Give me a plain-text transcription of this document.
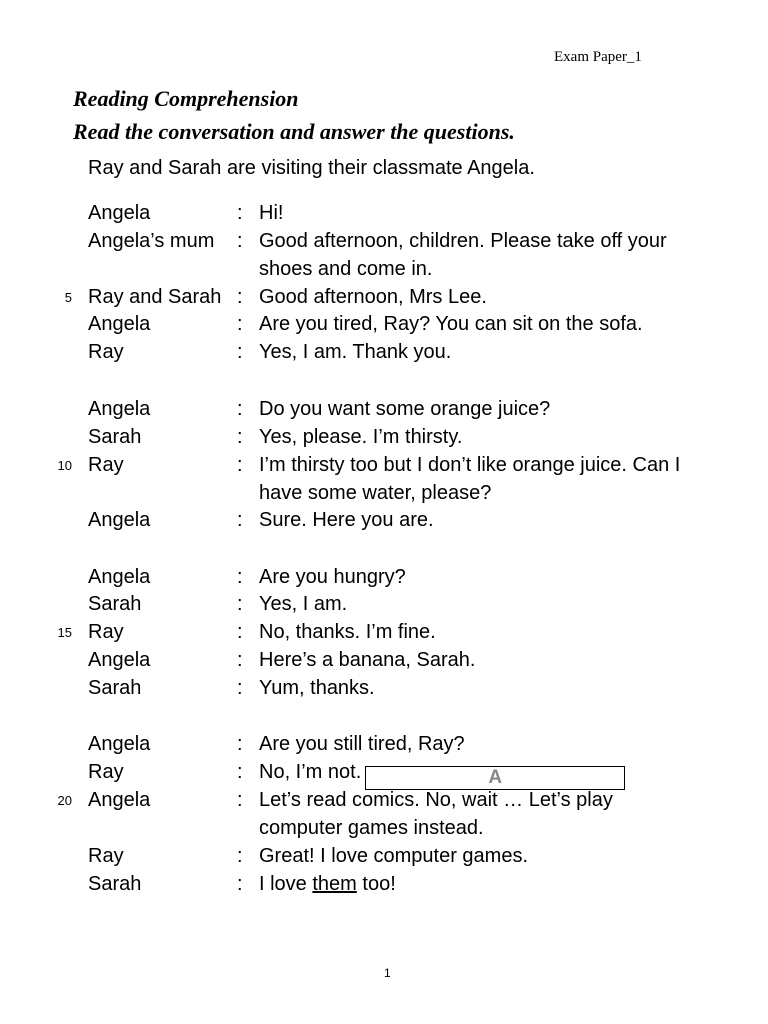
Exam Paper_1
Reading Comprehension
Read the conversation and answer the questions.
Ray and Sarah are visiting their classmate Angela.
Angela	: Hi!
Angela’s mum : Good afternoon, children. Please take off your
shoes and come in.
5 Ray and Sarah : Good afternoon, Mrs Lee.
Angela	: Are you tired, Ray? You can sit on the sofa.
Ray	: Yes, I am. Thank you.
Angela	: Do you want some orange juice?
Sarah	: Yes, please. I’m thirsty.
10 Ray	: I’m thirsty too but I don’t like orange juice. Can I
have some water, please?
Angela	: Sure. Here you are.
Angela	: Are you hungry?
Sarah	: Yes, I am.
15 Ray	: No, thanks. I’m fine.
Angela	: Here’s a banana, Sarah.
Sarah	: Yum, thanks.
Angela	: Are you still tired, Ray?
Ray	: No, I’m not.	A
20 Angela	: Let’s read comics. No, wait … Let’s play
computer games instead.
Ray	: Great! I love computer games.
Sarah	: I love them too!
1
